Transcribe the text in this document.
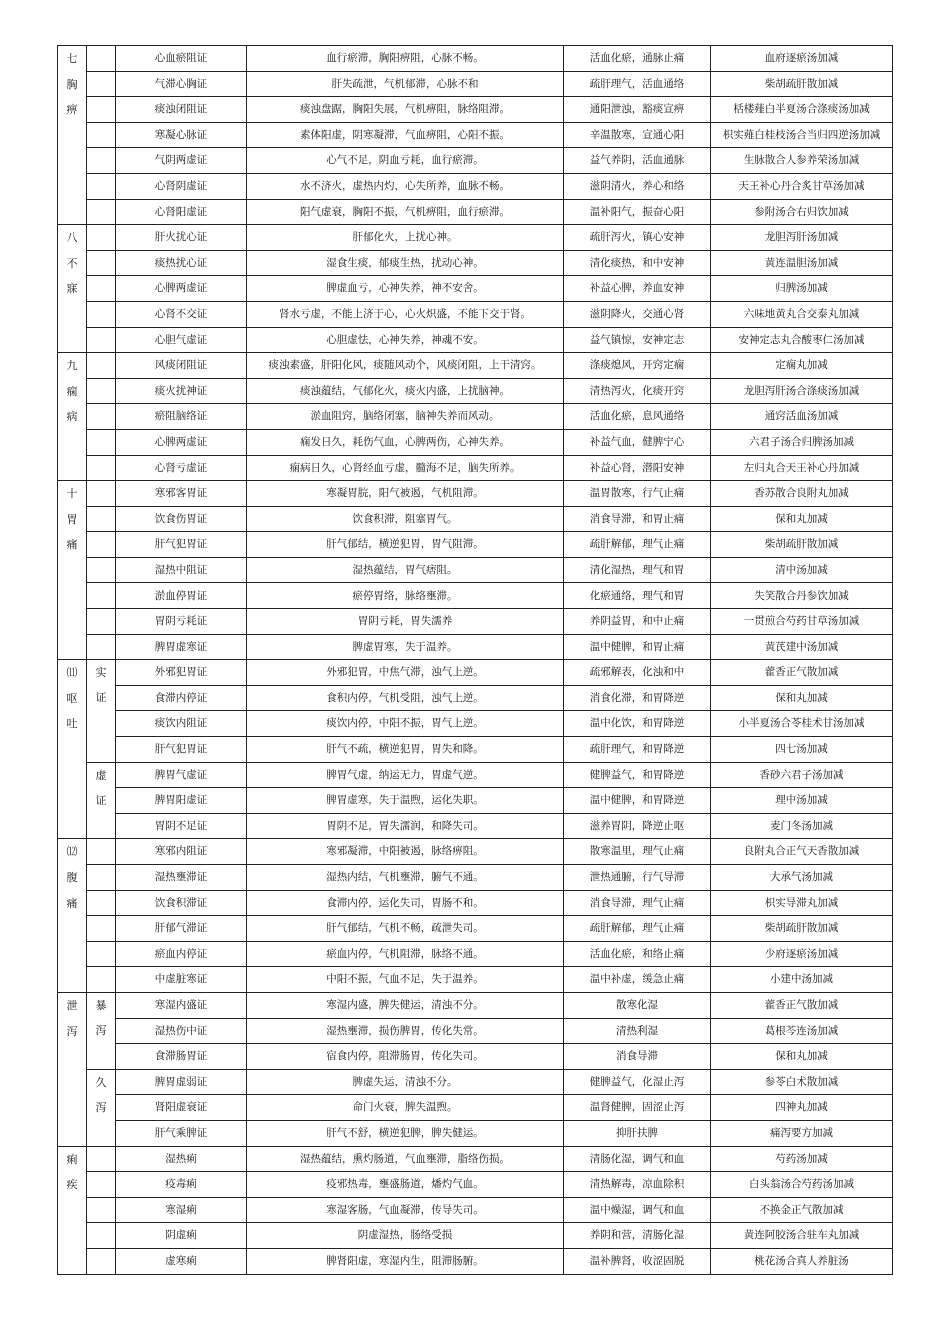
七
胸
痹		心血瘀阻证	血行瘀滞，胸阳痹阻，心脉不畅。	活血化瘀，通脉止痛	血府逐瘀汤加减
		气滞心胸证	肝失疏泄，气机郁滞，心脉不和	疏肝理气，活血通络	柴胡疏肝散加减
		痰浊闭阻证	痰浊盘踞，胸阳失展，气机痹阻，脉络阻滞。	通阳泄浊，豁痰宣痹	栝楼薤白半夏汤合涤痰汤加减
		寒凝心脉证	素体阳虚，阴寒凝滞，气血痹阻，心阳不振。	辛温散寒，宣通心阳	枳实薤白桂枝汤合当归四逆汤加减
		气阴两虚证	心气不足，阴血亏耗，血行瘀滞。	益气养阴，活血通脉	生脉散合人参养荣汤加减
		心肾阴虚证	水不济火，虚热内灼，心失所养，血脉不畅。	滋阴清火，养心和络	天王补心丹合炙甘草汤加减
		心肾阳虚证	阳气虚衰，胸阳不振，气机痹阻，血行瘀滞。	温补阳气，振奋心阳	参附汤合右归饮加减

八
不
寐		肝火扰心证	肝郁化火，上扰心神。	疏肝泻火，镇心安神	龙胆泻肝汤加减
		痰热扰心证	湿食生痰，郁痰生热，扰动心神。	清化痰热，和中安神	黄连温胆汤加减
		心脾两虚证	脾虚血亏，心神失养，神不安舍。	补益心脾，养血安神	归脾汤加减
		心肾不交证	肾水亏虚，不能上济于心，心火炽盛，不能下交于肾。	滋阴降火，交通心肾	六味地黄丸合交泰丸加减
		心胆气虚证	心胆虚怯，心神失养，神魂不安。	益气镇惊，安神定志	安神定志丸合酸枣仁汤加减

九
痫
病		风痰闭阻证	痰浊素盛，肝阳化风，痰随风动个，风痰闭阻，上干清窍。	涤痰熄风，开窍定痫	定痫丸加减
		痰火扰神证	痰浊蕴结，气郁化火，痰火内盛，上扰脑神。	清热泻火，化痰开窍	龙胆泻肝汤合涤痰汤加减
		瘀阻脑络证	淤血阻窍，脑络闭塞，脑神失养而风动。	活血化瘀，息风通络	通窍活血汤加减
		心脾两虚证	痫发日久，耗伤气血，心脾两伤，心神失养。	补益气血，健脾宁心	六君子汤合归脾汤加减
		心肾亏虚证	痫病日久，心肾经血亏虚，髓海不足，脑失所养。	补益心肾，潜阳安神	左归丸合天王补心丹加减

十
胃
痛		寒邪客胃证	寒凝胃脘，阳气被遏，气机阻滞。	温胃散寒，行气止痛	香苏散合良附丸加减
		饮食伤胃证	饮食积滞，阻塞胃气。	消食导滞，和胃止痛	保和丸加减
		肝气犯胃证	肝气郁结，横逆犯胃，胃气阻滞。	疏肝解郁，理气止痛	柴胡疏肝散加减
		湿热中阻证	湿热蕴结，胃气痞阻。	清化湿热，理气和胃	清中汤加减
		淤血停胃证	瘀停胃络，脉络壅滞。	化瘀通络，理气和胃	失笑散合丹参饮加减
		胃阴亏耗证	胃阴亏耗，胃失濡养	养阴益胃，和中止痛	一贯煎合芍药甘草汤加减
		脾胃虚寒证	脾虚胃寒，失于温养。	温中健脾，和胃止痛	黄芪建中汤加减

⑾
呕
吐	实
证	外邪犯胃证	外邪犯胃，中焦气滞，浊气上逆。	疏邪解表，化浊和中	藿香正气散加减
		食滞内停证	食积内停，气机受阻，浊气上逆。	消食化滞，和胃降逆	保和丸加减
		痰饮内阻证	痰饮内停，中阳不振，胃气上逆。	温中化饮，和胃降逆	小半夏汤合苓桂术甘汤加减
		肝气犯胃证	肝气不疏，横逆犯胃，胃失和降。	疏肝理气，和胃降逆	四七汤加减

	虚
证	脾胃气虚证	脾胃气虚，纳运无力，胃虚气逆。	健脾益气，和胃降逆	香砂六君子汤加减
		脾胃阳虚证	脾胃虚寒，失于温煦，运化失职。	温中健脾，和胃降逆	理中汤加减
		胃阴不足证	胃阴不足，胃失濡润，和降失司。	滋养胃阴，降逆止呕	麦门冬汤加减

⑿
腹
痛		寒邪内阻证	寒邪凝滞，中阳被遏，脉络痹阻。	散寒温里，理气止痛	良附丸合正气天香散加减
		湿热壅滞证	湿热内结，气机壅滞，腑气不通。	泄热通腑，行气导滞	大承气汤加减
		饮食积滞证	食滞内停，运化失司，胃肠不和。	消食导滞，理气止痛	枳实导滞丸加减
		肝郁气滞证	肝气郁结，气机不畅，疏泄失司。	疏肝解郁，理气止痛	柴胡疏肝散加减
		瘀血内停证	瘀血内停，气机阻滞，脉络不通。	活血化瘀，和络止痛	少府逐瘀汤加减
		中虚脏寒证	中阳不振，气血不足，失于温养。	温中补虚，缓急止痛	小建中汤加减

泄
泻	暴
泻	寒湿内盛证	寒湿内盛，脾失健运，清浊不分。	散寒化湿	藿香正气散加减
		湿热伤中证	湿热壅滞，损伤脾胃，传化失常。	清热利湿	葛根芩连汤加减
		食滞肠胃证	宿食内停，阻滞肠胃，传化失司。	消食导滞	保和丸加减

	久
泻	脾胃虚弱证	脾虚失运，清浊不分。	健脾益气，化湿止泻	参苓白术散加减
		肾阳虚衰证	命门火衰，脾失温煦。	温肾健脾，固涩止泻	四神丸加减
		肝气乘脾证	肝气不舒，横逆犯脾，脾失健运。	抑肝扶脾	痛泻要方加减

痢
疾		湿热痢	湿热蕴结，熏灼肠道，气血壅滞，脂络伤损。	清肠化湿，调气和血	芍药汤加减
		疫毒痢	疫邪热毒，壅盛肠道，燔灼气血。	清热解毒，凉血除积	白头翁汤合芍药汤加减
		寒湿痢	寒湿客肠，气血凝滞，传导失司。	温中燥湿，调气和血	不换金正气散加减
		阴虚痢	阴虚湿热，肠络受损	养阴和营，清肠化湿	黄连阿胶汤合驻车丸加减
		虚寒痢	脾肾阳虚，寒湿内生，阻滞肠腑。	温补脾肾，收涩固脱	桃花汤合真人养脏汤
